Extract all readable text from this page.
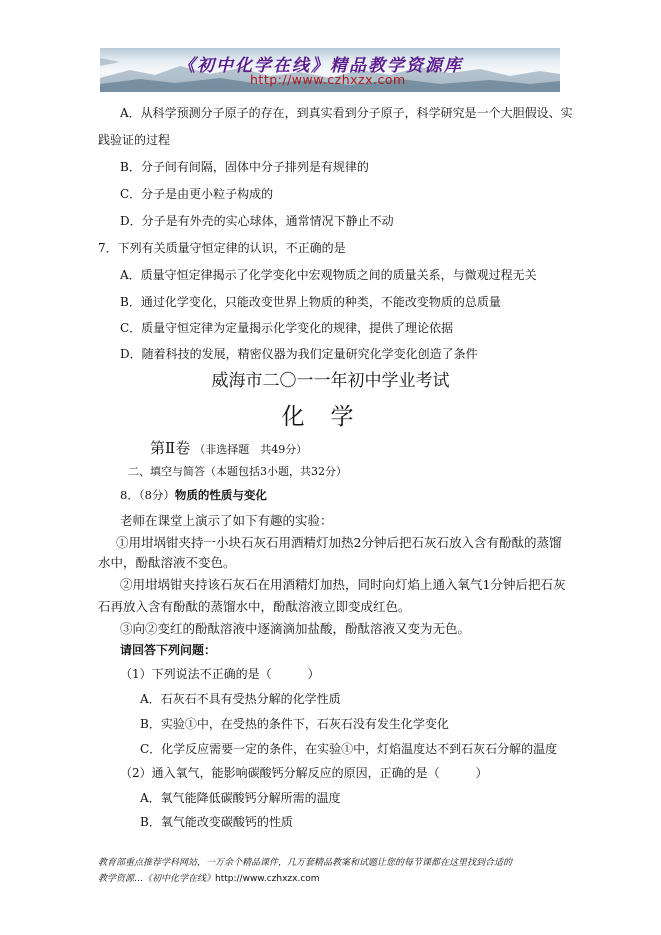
《初中化学在线》精品教学资源库
http://www.czhxzx.com
A．从科学预测分子原子的存在，到真实看到分子原子，科学研究是一个大胆假设、实
践验证的过程
B．分子间有间隔，固体中分子排列是有规律的
C．分子是由更小粒子构成的
D．分子是有外壳的实心球体，通常情况下静止不动
7．下列有关质量守恒定律的认识，不正确的是
A．质量守恒定律揭示了化学变化中宏观物质之间的质量关系，与微观过程无关
B．通过化学变化，只能改变世界上物质的种类，不能改变物质的总质量
C．质量守恒定律为定量揭示化学变化的规律，提供了理论依据
D．随着科技的发展，精密仪器为我们定量研究化学变化创造了条件
威海市二〇一一年初中学业考试
化学
第Ⅱ卷 （非选择题　共49分）
二、填空与简答（本题包括3小题，共32分）
8．（8分）物质的性质与变化
老师在课堂上演示了如下有趣的实验：
①用坩埚钳夹持一小块石灰石用酒精灯加热2分钟后把石灰石放入含有酚酞的蒸馏
水中，酚酞溶液不变色。
②用坩埚钳夹持该石灰石在用酒精灯加热，同时向灯焰上通入氧气1分钟后把石灰
石再放入含有酚酞的蒸馏水中，酚酞溶液立即变成红色。
③向②变红的酚酞溶液中逐滴滴加盐酸，酚酞溶液又变为无色。
请回答下列问题：
（1）下列说法不正确的是（　　　）
A．石灰石不具有受热分解的化学性质
B．实验①中，在受热的条件下，石灰石没有发生化学变化
C．化学反应需要一定的条件，在实验①中，灯焰温度达不到石灰石分解的温度
（2）通入氧气，能影响碳酸钙分解反应的原因，正确的是（　　　）
A．氧气能降低碳酸钙分解所需的温度
B．氧气能改变碳酸钙的性质
教育部重点推荐学科网站，一万余个精品课件，几万套精品教案和试题让您的每节课都在这里找到合适的
教学资源…《初中化学在线》http://www.czhxzx.com
